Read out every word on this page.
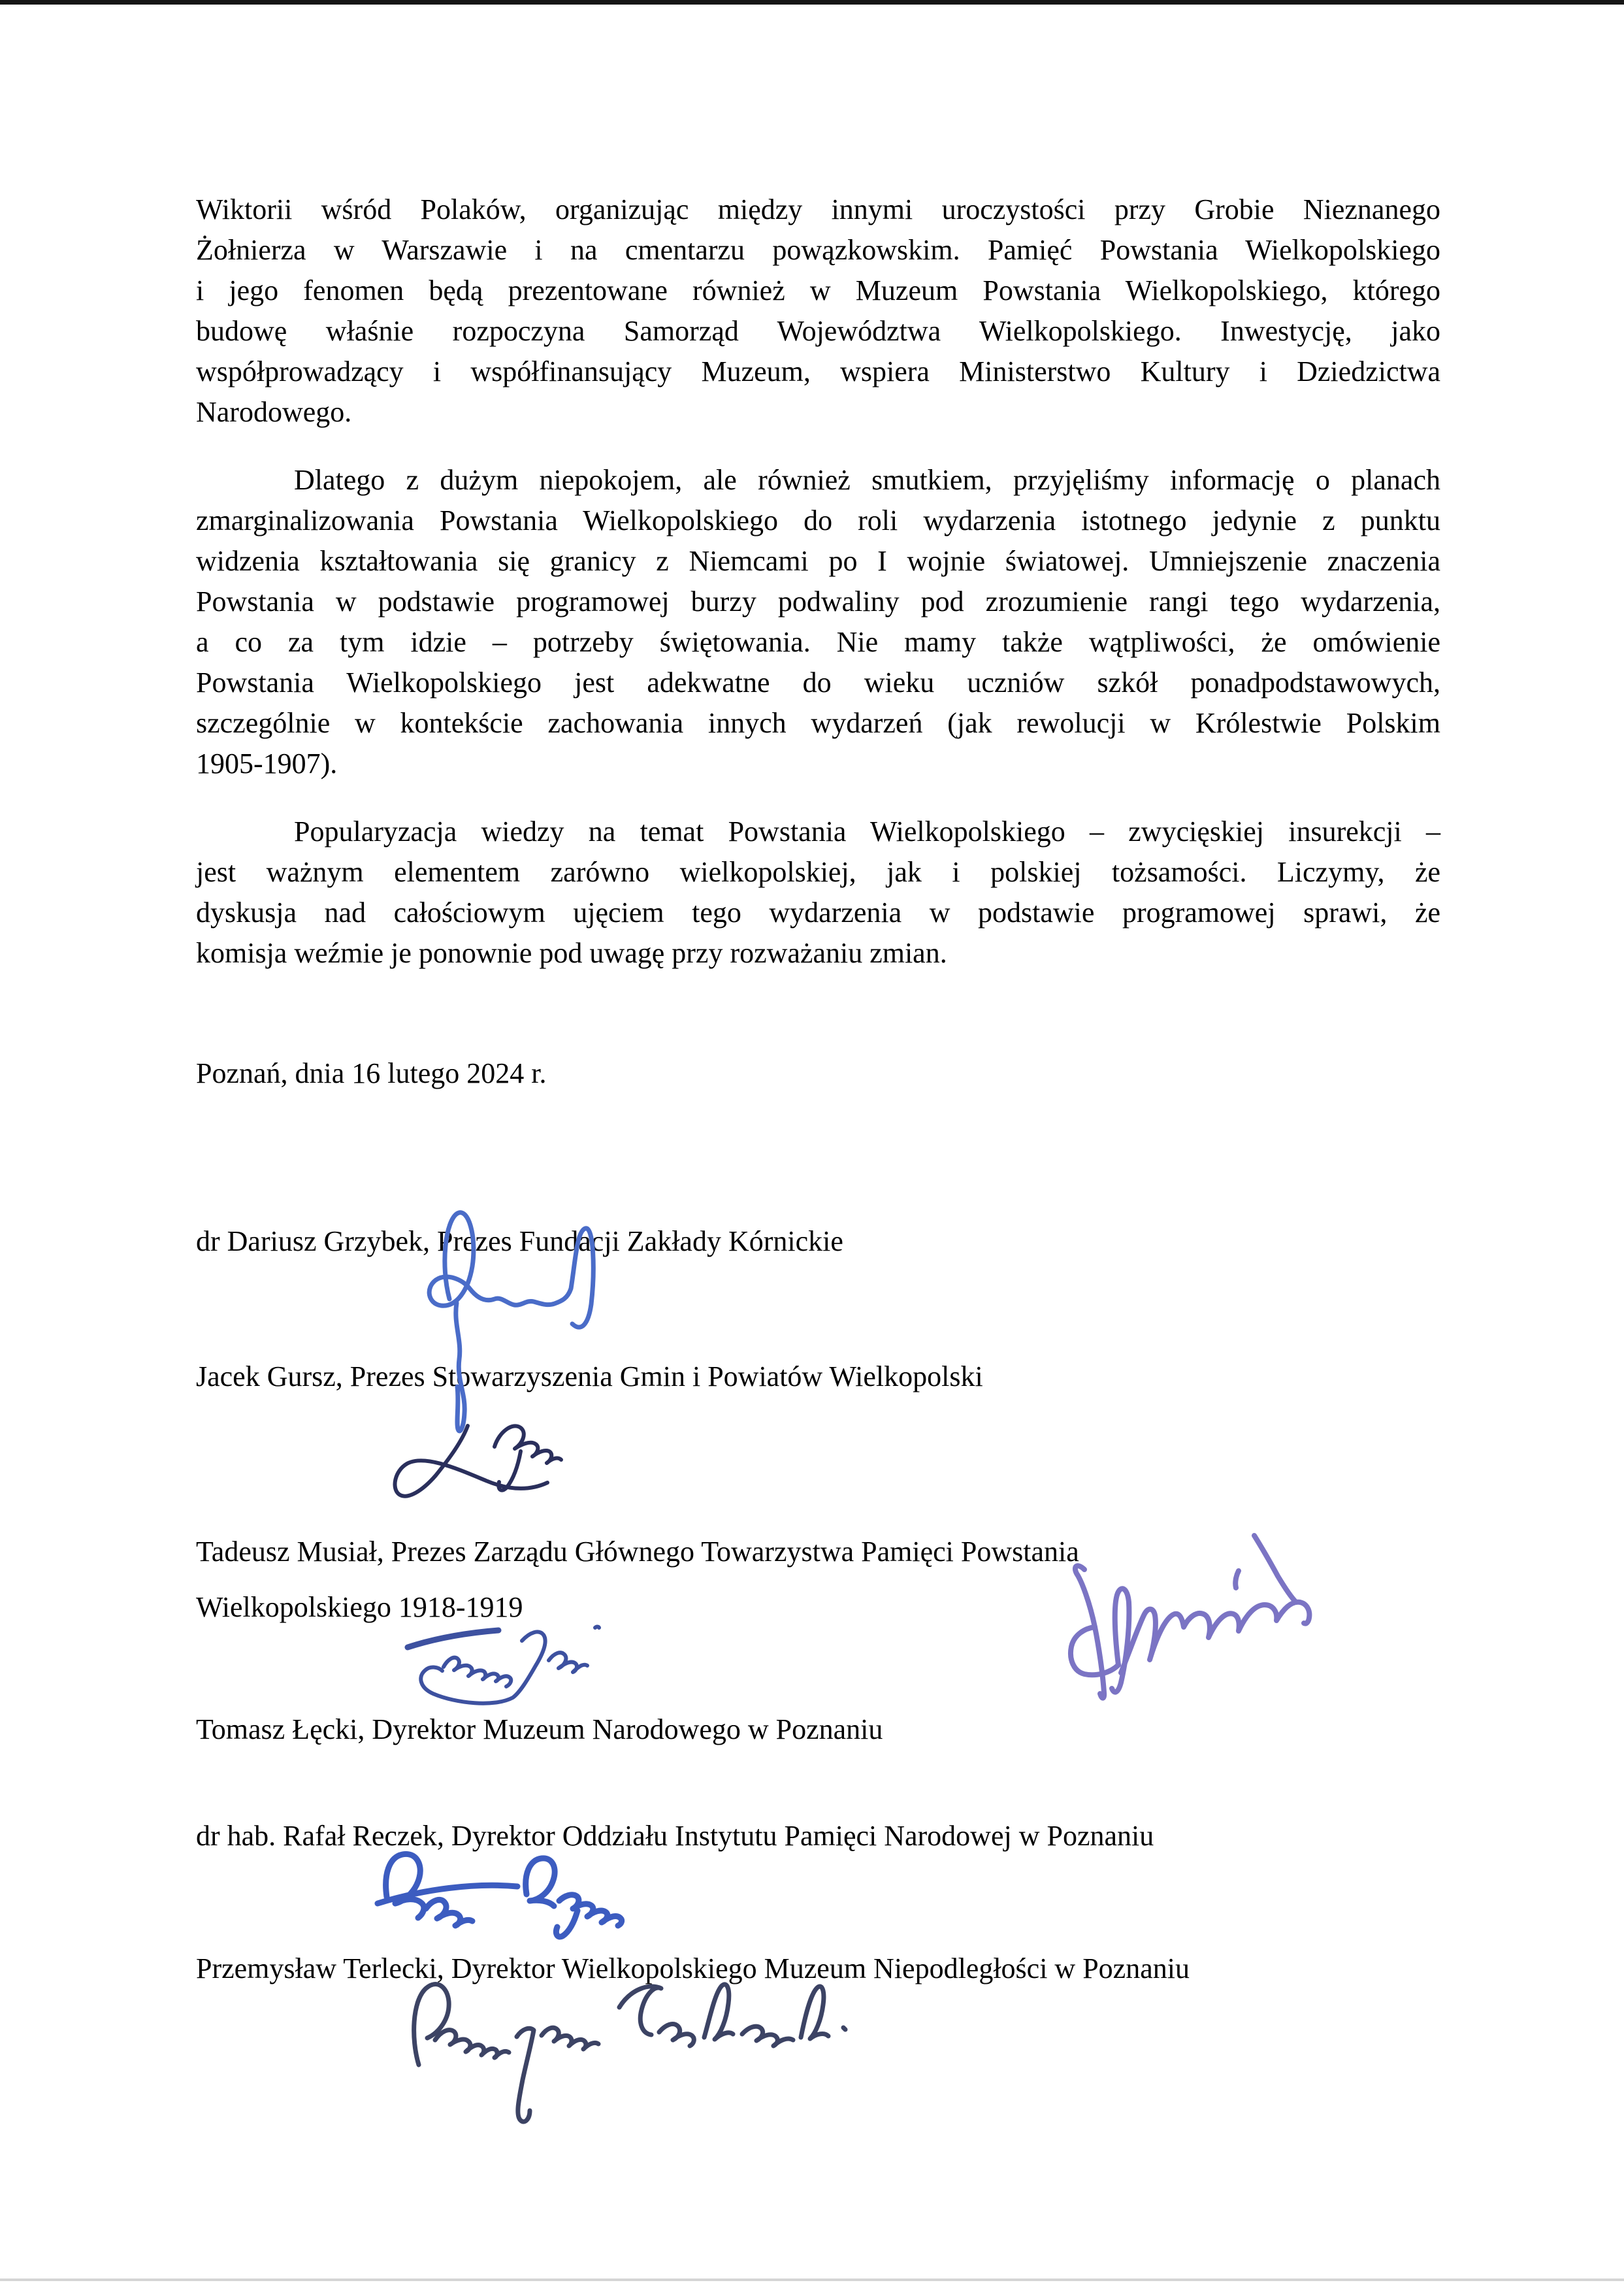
Wiktorii wśród Polaków, organizując między innymi uroczystości przy Grobie Nieznanego
Żołnierza w Warszawie i na cmentarzu powązkowskim. Pamięć Powstania Wielkopolskiego
i jego fenomen będą prezentowane również w Muzeum Powstania Wielkopolskiego, którego
budowę właśnie rozpoczyna Samorząd Województwa Wielkopolskiego. Inwestycję, jako
współprowadzący i współfinansujący Muzeum, wspiera Ministerstwo Kultury i Dziedzictwa
Narodowego.

Dlatego z dużym niepokojem, ale również smutkiem, przyjęliśmy informację o planach
zmarginalizowania Powstania Wielkopolskiego do roli wydarzenia istotnego jedynie z punktu
widzenia kształtowania się granicy z Niemcami po I wojnie światowej. Umniejszenie znaczenia
Powstania w podstawie programowej burzy podwaliny pod zrozumienie rangi tego wydarzenia,
a co za tym idzie – potrzeby świętowania. Nie mamy także wątpliwości, że omówienie
Powstania Wielkopolskiego jest adekwatne do wieku uczniów szkół ponadpodstawowych,
szczególnie w kontekście zachowania innych wydarzeń (jak rewolucji w Królestwie Polskim
1905-1907).

Popularyzacja wiedzy na temat Powstania Wielkopolskiego – zwycięskiej insurekcji –
jest ważnym elementem zarówno wielkopolskiej, jak i polskiej tożsamości. Liczymy, że
dyskusja nad całościowym ujęciem tego wydarzenia w podstawie programowej sprawi, że
komisja weźmie je ponownie pod uwagę przy rozważaniu zmian.

Poznań, dnia 16 lutego 2024 r.
dr Dariusz Grzybek, Prezes Fundacji Zakłady Kórnickie
Jacek Gursz, Prezes Stowarzyszenia Gmin i Powiatów Wielkopolski
Tadeusz Musiał, Prezes Zarządu Głównego Towarzystwa Pamięci Powstania
Wielkopolskiego 1918-1919
Tomasz Łęcki, Dyrektor Muzeum Narodowego w Poznaniu
dr hab. Rafał Reczek, Dyrektor Oddziału Instytutu Pamięci Narodowej w Poznaniu
Przemysław Terlecki, Dyrektor Wielkopolskiego Muzeum Niepodległości w Poznaniu
